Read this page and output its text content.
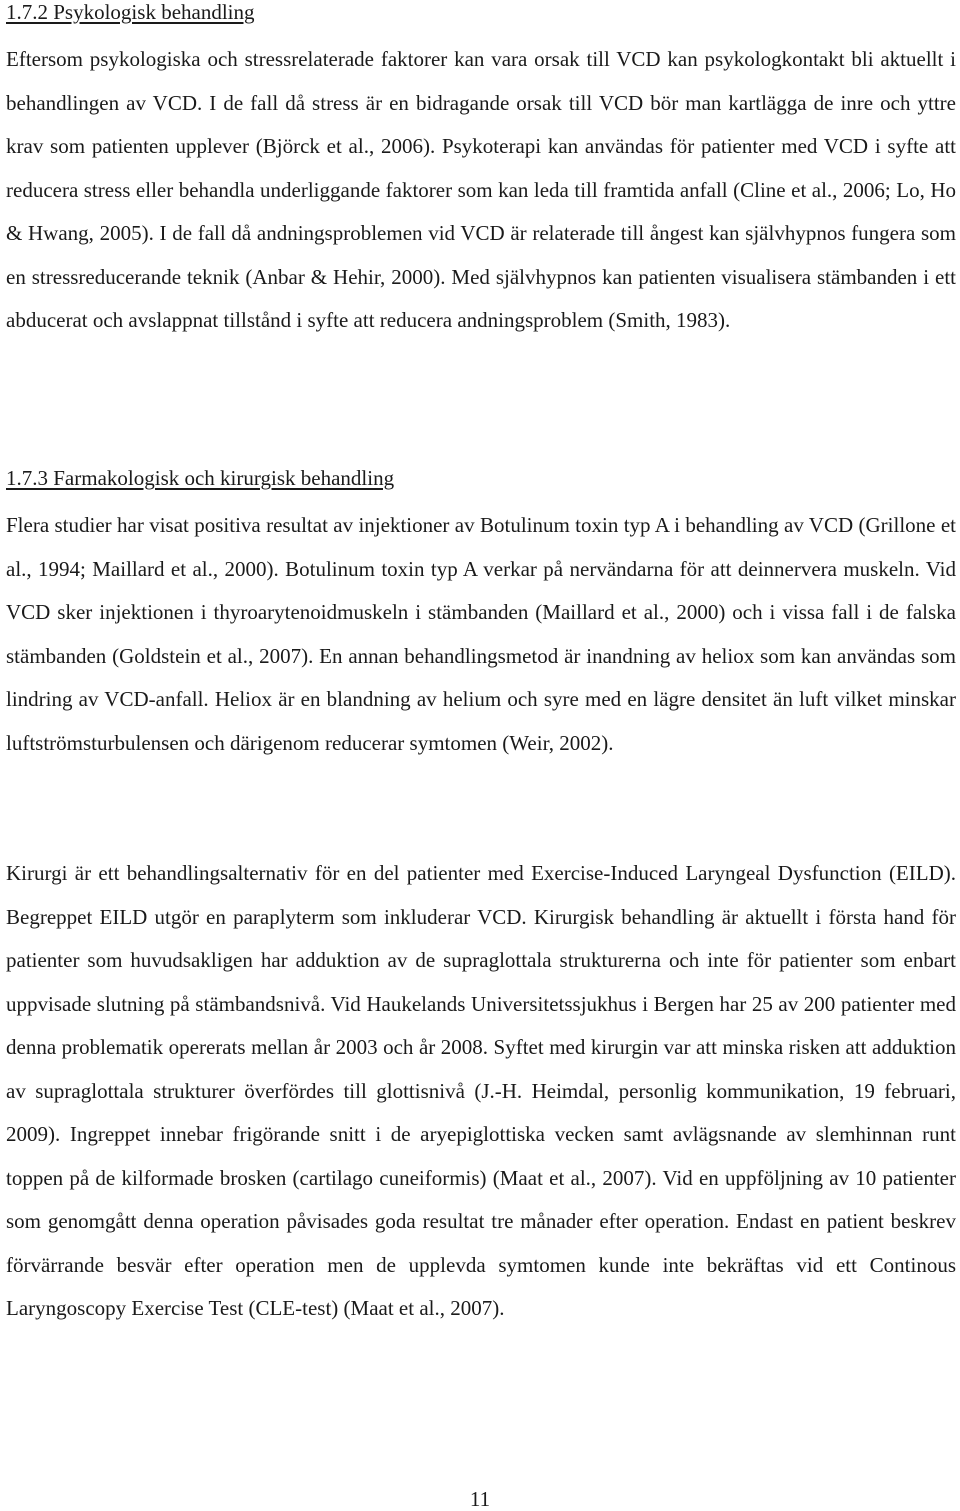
1.7.2 Psykologisk behandling

Eftersom psykologiska och stressrelaterade faktorer kan vara orsak till VCD kan psykologkontakt bli aktuellt i behandlingen av VCD. I de fall då stress är en bidragande orsak till VCD bör man kartlägga de inre och yttre krav som patienten upplever (Björck et al., 2006). Psykoterapi kan användas för patienter med VCD i syfte att reducera stress eller behandla underliggande faktorer som kan leda till framtida anfall (Cline et al., 2006; Lo, Ho & Hwang, 2005). I de fall då andningsproblemen vid VCD är relaterade till ångest kan självhypnos fungera som en stressreducerande teknik (Anbar & Hehir, 2000). Med självhypnos kan patienten visualisera stämbanden i ett abducerat och avslappnat tillstånd i syfte att reducera andningsproblem (Smith, 1983).

1.7.3 Farmakologisk och kirurgisk behandling

Flera studier har visat positiva resultat av injektioner av Botulinum toxin typ A i behandling av VCD (Grillone et al., 1994; Maillard et al., 2000). Botulinum toxin typ A verkar på nervändarna för att deinnervera muskeln. Vid VCD sker injektionen i thyroarytenoidmuskeln i stämbanden (Maillard et al., 2000) och i vissa fall i de falska stämbanden (Goldstein et al., 2007). En annan behandlingsmetod är inandning av heliox som kan användas som lindring av VCD-anfall. Heliox är en blandning av helium och syre med en lägre densitet än luft vilket minskar luftströmsturbulensen och därigenom reducerar symtomen (Weir, 2002).

Kirurgi är ett behandlingsalternativ för en del patienter med Exercise-Induced Laryngeal Dysfunction (EILD). Begreppet EILD utgör en paraplyterm som inkluderar VCD. Kirurgisk behandling är aktuellt i första hand för patienter som huvudsakligen har adduktion av de supraglottala strukturerna och inte för patienter som enbart uppvisade slutning på stämbandsnivå. Vid Haukelands Universitetssjukhus i Bergen har 25 av 200 patienter med denna problematik opererats mellan år 2003 och år 2008. Syftet med kirurgin var att minska risken att adduktion av supraglottala strukturer överfördes till glottisnivå (J.-H. Heimdal, personlig kommunikation, 19 februari, 2009). Ingreppet innebar frigörande snitt i de aryepiglottiska vecken samt avlägsnande av slemhinnan runt toppen på de kilformade brosken (cartilago cuneiformis) (Maat et al., 2007). Vid en uppföljning av 10 patienter som genomgått denna operation påvisades goda resultat tre månader efter operation. Endast en patient beskrev förvärrande besvär efter operation men de upplevda symtomen kunde inte bekräftas vid ett Continous Laryngoscopy Exercise Test (CLE-test) (Maat et al., 2007).

11
